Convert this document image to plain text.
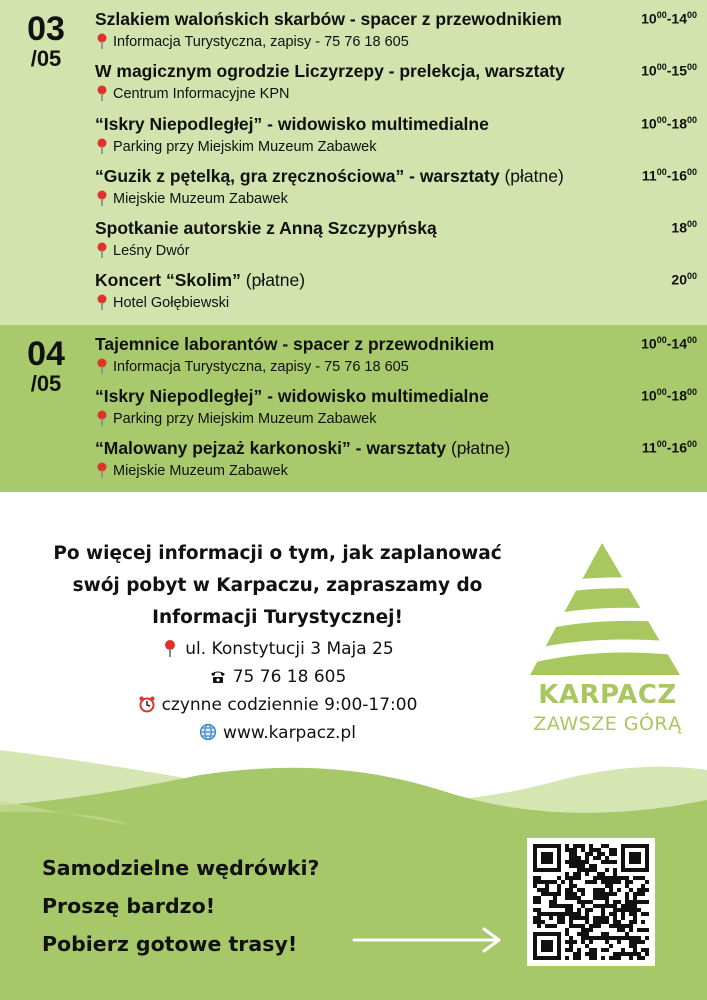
03
/05
Szlakiem walońskich skarbów - spacer z przewodnikiem	$10^{00}-14^{00}$
Informacja Turystyczna, zapisy - 75 76 18 605
W magicznym ogrodzie Liczyrzepy - prelekcja, warsztaty	$10^{00}-15^{00}$
Centrum Informacyjne KPN
“Iskry Niepodległej” - widowisko multimedialne	$10^{00}-18^{00}$
Parking przy Miejskim Muzeum Zabawek
“Guzik z pętelką, gra zręcznościowa” - warsztaty (płatne)	$11^{00}-16^{00}$
Miejskie Muzeum Zabawek
Spotkanie autorskie z Anną Szczypyńską	$18^{00}$
Leśny Dwór
Koncert “Skolim” (płatne)	$20^{00}$
Hotel Gołębiewski
04
/05
Tajemnice laborantów - spacer z przewodnikiem	$10^{00}-14^{00}$
Informacja Turystyczna, zapisy - 75 76 18 605
“Iskry Niepodległej” - widowisko multimedialne	$10^{00}-18^{00}$
Parking przy Miejskim Muzeum Zabawek
“Malowany pejzaż karkonoski” - warsztaty (płatne)	$11^{00}-16^{00}$
Miejskie Muzeum Zabawek
Po więcej informacji o tym, jak zaplanować
swój pobyt w Karpaczu, zapraszamy do
Informacji Turystycznej!
ul. Konstytucji 3 Maja 25
75 76 18 605
czynne codziennie 9:00-17:00
www.karpacz.pl
KARPACZ
ZAWSZE GÓRĄ
Samodzielne wędrówki?
Proszę bardzo!
Pobierz gotowe trasy!
